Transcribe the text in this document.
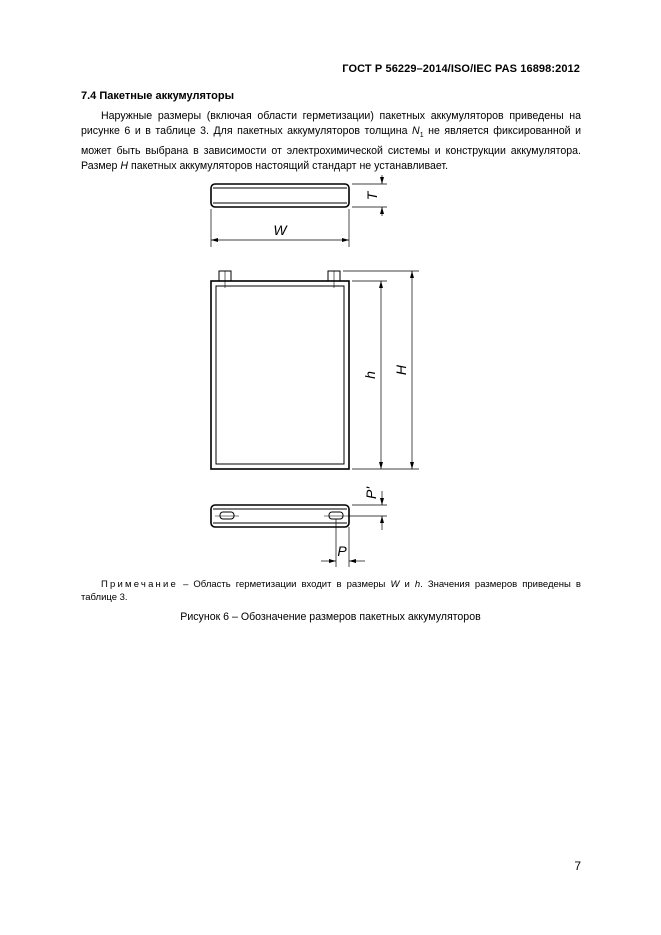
ГОСТ Р 56229–2014/ISO/IEC PAS 16898:2012
7.4 Пакетные аккумуляторы

Наружные размеры (включая области герметизации) пакетных аккумуляторов приведены на рисунке 6 и в таблице 3. Для пакетных аккумуляторов толщина $N_1$ не является фиксированной и может быть выбрана в зависимости от электрохимической системы и конструкции аккумулятора. Размер H пакетных аккумуляторов настоящий стандарт не устанавливает.

T
W
h H
P'
P
Примечание – Область герметизации входит в размеры W и h. Значения размеров приведены в таблице 3.
Рисунок 6 – Обозначение размеров пакетных аккумуляторов
7
